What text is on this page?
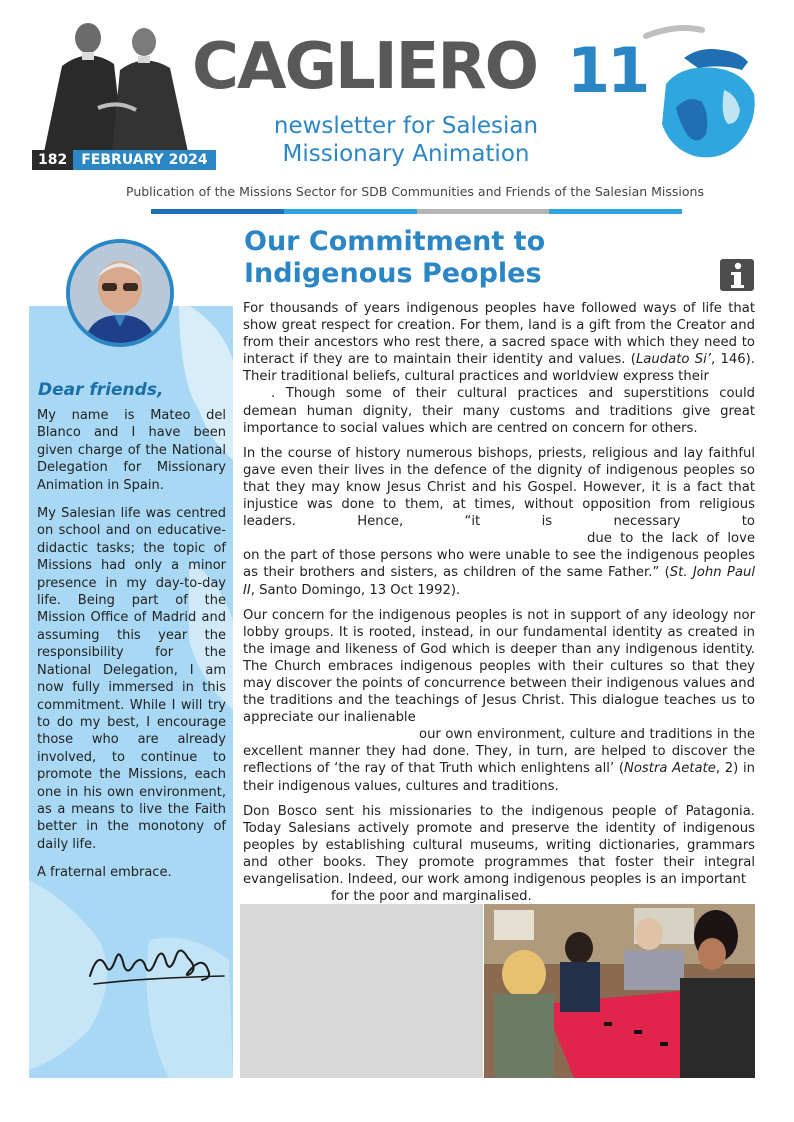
182	FEBRUARY 2024
CAGLIERO 11
newsletter for Salesian
Missionary Animation
Publication of the Missions Sector for SDB Communities and Friends of the Salesian Missions
Dear friends,

My name is Mateo del Blanco and I have been given charge of the National Delegation for Missionary Animation in Spain.

My Salesian life was centred on school and on educative-didactic tasks; the topic of Missions had only a minor presence in my day-to-day life. Being part of the Mission Office of Madrid and assuming this year the responsibility for the National Delegation, I am now fully immersed in this commitment. While I will try to do my best, I encourage those who are already involved, to continue to promote the Missions, each one in his own environment, as a means to live the Faith better in the monotony of daily life.

A fraternal embrace.

Our Commitment to
Indigenous Peoples

For thousands of years indigenous peoples have followed ways of life that show great respect for creation. For them, land is a gift from the Creator and from their ancestors who rest there, a sacred space with which they need to interact if they are to maintain their identity and values. (Laudato Si’, 146). Their traditional beliefs, cultural practices and worldview express their
. Though some of their cultural practices and superstitions could demean human dignity, their many customs and traditions give great importance to social values which are centred on concern for others.

In the course of history numerous bishops, priests, religious and lay faithful gave even their lives in the defence of the dignity of indigenous peoples so that they may know Jesus Christ and his Gospel. However, it is a fact that injustice was done to them, at times, without opposition from religious leaders. Hence, “it is necessary todue to the lack of love on the part of those persons who were unable to see the indigenous peoples as their brothers and sisters, as children of the same Father.” (St. John Paul II, Santo Domingo, 13 Oct 1992).

Our concern for the indigenous peoples is not in support of any ideology nor lobby groups. It is rooted, instead, in our fundamental identity as created in the image and likeness of God which is deeper than any indigenous identity. The Church embraces indigenous peoples with their cultures so that they may discover the points of concurrence between their indigenous values and the traditions and the teachings of Jesus Christ. This dialogue teaches us to appreciate our inalienable
our own environment, culture and traditions in the excellent manner they had done. They, in turn, are helped to discover the reflections of ‘the ray of that Truth which enlightens all’ (Nostra Aetate, 2) in their indigenous values, cultures and traditions.

Don Bosco sent his missionaries to the indigenous people of Patagonia. Today Salesians actively promote and preserve the identity of indigenous peoples by establishing cultural museums, writing dictionaries, grammars and other books. They promote programmes that foster their integral evangelisation. Indeed, our work among indigenous peoples is an important
for the poor and marginalised.
